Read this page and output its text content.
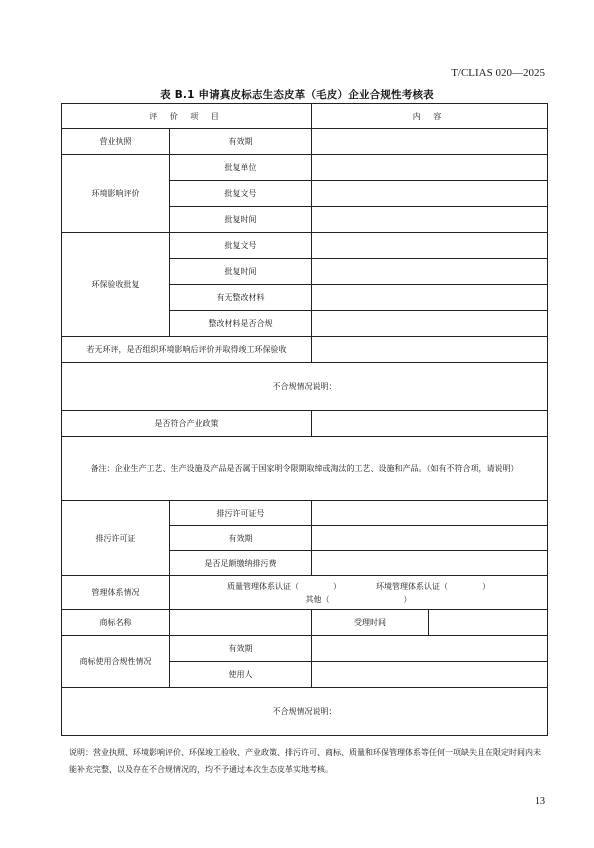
T/CLIAS 020—2025
表 B.1 申请真皮标志生态皮革（毛皮）企业合规性考核表
评 价 项 目		内 容	
营业执照	有效期		
环境影响评价	批复单位		
	批复文号		
	批复时间		
环保验收批复	批复文号		
	批复时间		
	有无整改材料		
	整改材料是否合规		
若无环评，是否组织环境影响后评价并取得竣工环保验收			
不合规情况说明：			
是否符合产业政策			
备注：企业生产工艺、生产设施及产品是否属于国家明令限期取缔或淘汰的工艺、设施和产品。（如有不符合项，请说明）			
排污许可证	排污许可证号		
	有效期		
	是否足额缴纳排污费		
管理体系情况	质量管理体系认证（ ） 环境管理体系认证（ ）
其他（ ）		

商标名称		受理时间	
商标使用合规性情况	有效期		
	使用人		
不合规情况说明：			
说明：营业执照、环境影响评价、环保竣工验收、产业政策、排污许可、商标、质量和环保管理体系等任何一项缺失且在限定时间内未能补充完整，以及存在不合规情况的，均不予通过本次生态皮革实地考核。
13
